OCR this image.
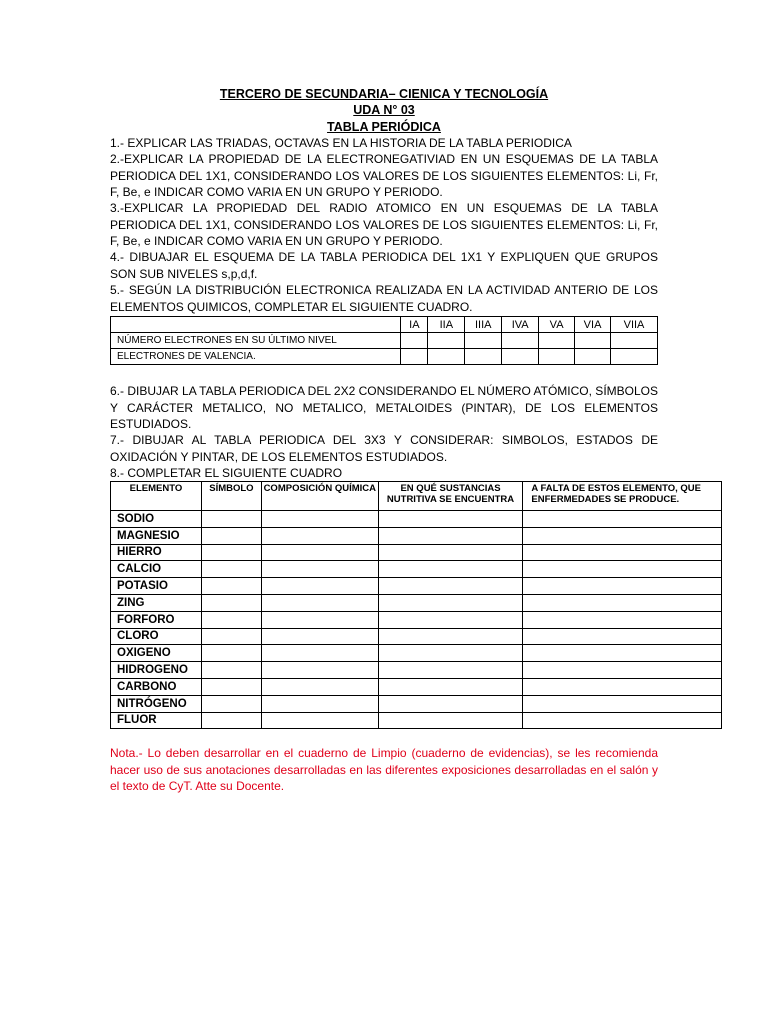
TERCERO DE SECUNDARIA– CIENICA Y TECNOLOGÍA
UDA N° 03
TABLA PERIÓDICA

1.- EXPLICAR LAS TRIADAS, OCTAVAS EN LA HISTORIA DE LA TABLA PERIODICA

2.-EXPLICAR LA PROPIEDAD DE LA ELECTRONEGATIVIAD EN UN ESQUEMAS DE LA TABLA PERIODICA DEL 1X1, CONSIDERANDO LOS VALORES DE LOS SIGUIENTES ELEMENTOS: Li, Fr, F, Be, e INDICAR COMO VARIA EN UN GRUPO Y PERIODO.

3.-EXPLICAR LA PROPIEDAD DEL RADIO ATOMICO EN UN ESQUEMAS DE LA TABLA PERIODICA DEL 1X1, CONSIDERANDO LOS VALORES DE LOS SIGUIENTES ELEMENTOS: Li, Fr, F, Be, e INDICAR COMO VARIA EN UN GRUPO Y PERIODO.

4.- DIBUAJAR EL ESQUEMA DE LA TABLA PERIODICA DEL 1X1 Y EXPLIQUEN QUE GRUPOS SON SUB NIVELES s,p,d,f.

5.- SEGÚN LA DISTRIBUCIÓN ELECTRONICA REALIZADA EN LA ACTIVIDAD ANTERIO DE LOS ELEMENTOS QUIMICOS, COMPLETAR EL SIGUIENTE CUADRO.

	IA	IIA	IIIA	IVA	VA	VIA	VIIA
NÚMERO ELECTRONES EN SU ÚLTIMO NIVEL							
ELECTRONES DE VALENCIA.							

6.- DIBUJAR LA TABLA PERIODICA DEL 2X2 CONSIDERANDO EL NÚMERO ATÓMICO, SÍMBOLOS Y CARÁCTER METALICO, NO METALICO, METALOIDES (PINTAR), DE LOS ELEMENTOS ESTUDIADOS.

7.- DIBUJAR AL TABLA PERIODICA DEL 3X3 Y CONSIDERAR: SIMBOLOS, ESTADOS DE OXIDACIÓN Y PINTAR, DE LOS ELEMENTOS ESTUDIADOS.

8.- COMPLETAR EL SIGUIENTE CUADRO

ELEMENTO	SÍMBOLO	COMPOSICIÓN QUÍMICA	EN QUÉ SUSTANCIAS NUTRITIVA SE ENCUENTRA	A FALTA DE ESTOS ELEMENTO, QUE ENFERMEDADES SE PRODUCE.
SODIO				
MAGNESIO				
HIERRO				
CALCIO				
POTASIO				
ZING				
FORFORO				
CLORO				
OXIGENO				
HIDROGENO				
CARBONO				
NITRÓGENO				
FLUOR				

Nota.- Lo deben desarrollar en el cuaderno de Limpio (cuaderno de evidencias), se les recomienda hacer uso de sus anotaciones desarrolladas en las diferentes exposiciones desarrolladas en el salón y el texto de CyT. Atte su Docente.
